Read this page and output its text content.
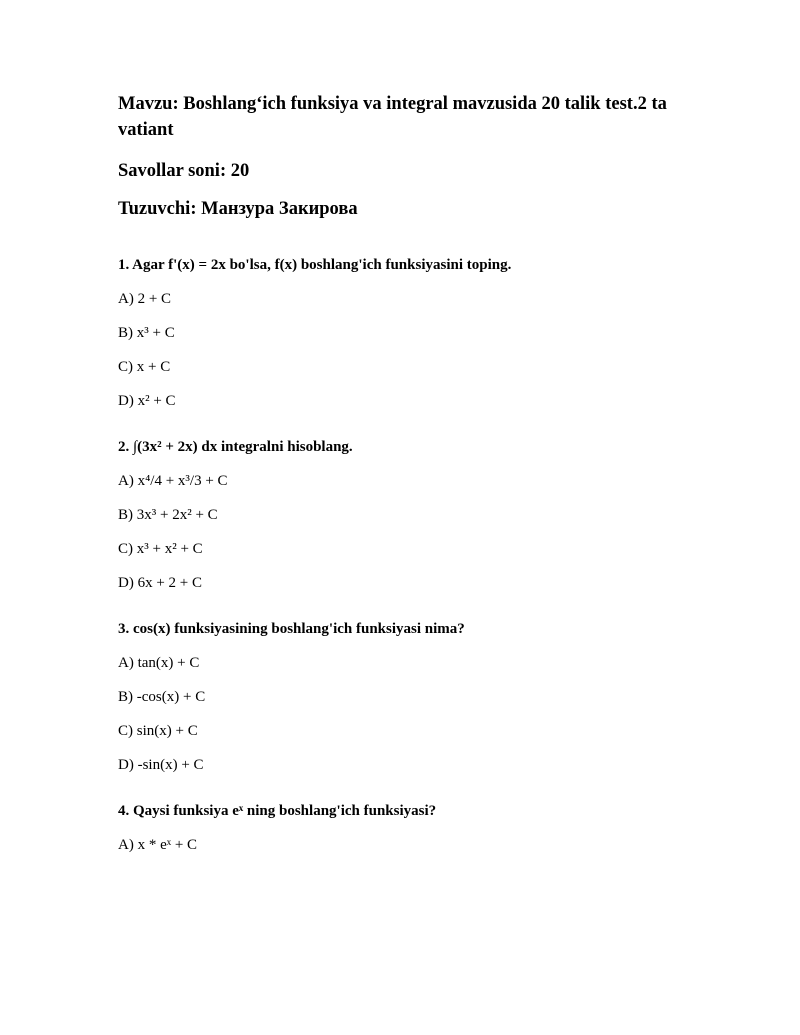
Mavzu: Boshlang‘ich funksiya va integral mavzusida 20 talik test.2 ta vatiant

Savollar soni: 20

Tuzuvchi: Манзура Закирова

1. Agar f'(x) = 2x bo'lsa, f(x) boshlang'ich funksiyasini toping.

A) 2 + C

B) x³ + C

C) x + C

D) x² + C

2. ∫(3x² + 2x) dx integralni hisoblang.

A) x⁴/4 + x³/3 + C

B) 3x³ + 2x² + C

C) x³ + x² + C

D) 6x + 2 + C

3. cos(x) funksiyasining boshlang'ich funksiyasi nima?

A) tan(x) + C

B) -cos(x) + C

C) sin(x) + C

D) -sin(x) + C

4. Qaysi funksiya eˣ ning boshlang'ich funksiyasi?

A) x * eˣ + C
